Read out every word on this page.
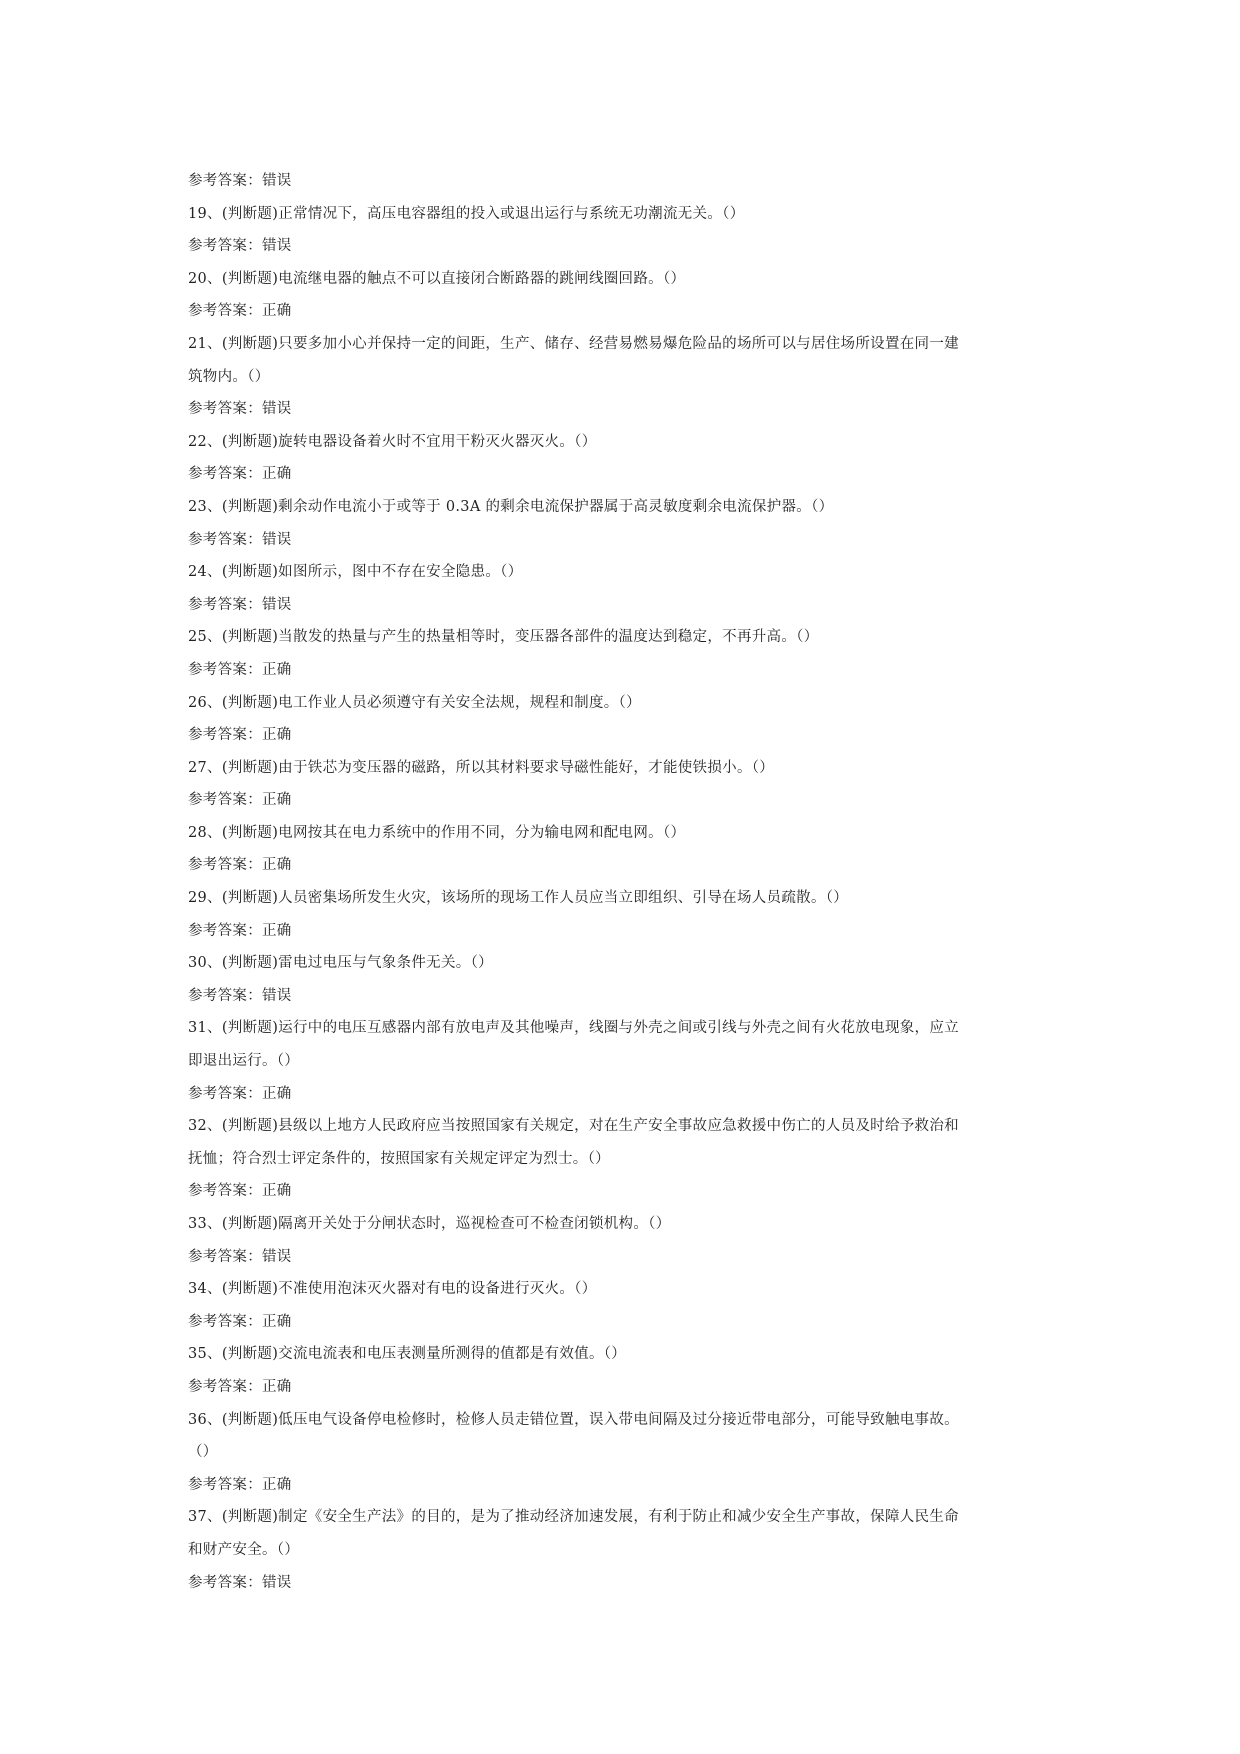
参考答案：错误
19、(判断题)正常情况下，高压电容器组的投入或退出运行与系统无功潮流无关。（）
参考答案：错误
20、(判断题)电流继电器的触点不可以直接闭合断路器的跳闸线圈回路。（）
参考答案：正确
21、(判断题)只要多加小心并保持一定的间距，生产、储存、经营易燃易爆危险品的场所可以与居住场所设置在同一建
筑物内。（）
参考答案：错误
22、(判断题)旋转电器设备着火时不宜用干粉灭火器灭火。（）
参考答案：正确
23、(判断题)剩余动作电流小于或等于 0.3A 的剩余电流保护器属于高灵敏度剩余电流保护器。（）
参考答案：错误
24、(判断题)如图所示，图中不存在安全隐患。（）
参考答案：错误
25、(判断题)当散发的热量与产生的热量相等时，变压器各部件的温度达到稳定，不再升高。（）
参考答案：正确
26、(判断题)电工作业人员必须遵守有关安全法规，规程和制度。（）
参考答案：正确
27、(判断题)由于铁芯为变压器的磁路，所以其材料要求导磁性能好，才能使铁损小。（）
参考答案：正确
28、(判断题)电网按其在电力系统中的作用不同，分为输电网和配电网。（）
参考答案：正确
29、(判断题)人员密集场所发生火灾，该场所的现场工作人员应当立即组织、引导在场人员疏散。（）
参考答案：正确
30、(判断题)雷电过电压与气象条件无关。（）
参考答案：错误
31、(判断题)运行中的电压互感器内部有放电声及其他噪声，线圈与外壳之间或引线与外壳之间有火花放电现象，应立
即退出运行。（）
参考答案：正确
32、(判断题)县级以上地方人民政府应当按照国家有关规定，对在生产安全事故应急救援中伤亡的人员及时给予救治和
抚恤；符合烈士评定条件的，按照国家有关规定评定为烈士。（）
参考答案：正确
33、(判断题)隔离开关处于分闸状态时，巡视检查可不检查闭锁机构。（）
参考答案：错误
34、(判断题)不准使用泡沫灭火器对有电的设备进行灭火。（）
参考答案：正确
35、(判断题)交流电流表和电压表测量所测得的值都是有效值。（）
参考答案：正确
36、(判断题)低压电气设备停电检修时，检修人员走错位置，误入带电间隔及过分接近带电部分，可能导致触电事故。
（）
参考答案：正确
37、(判断题)制定《安全生产法》的目的，是为了推动经济加速发展，有利于防止和减少安全生产事故，保障人民生命
和财产安全。（）
参考答案：错误
